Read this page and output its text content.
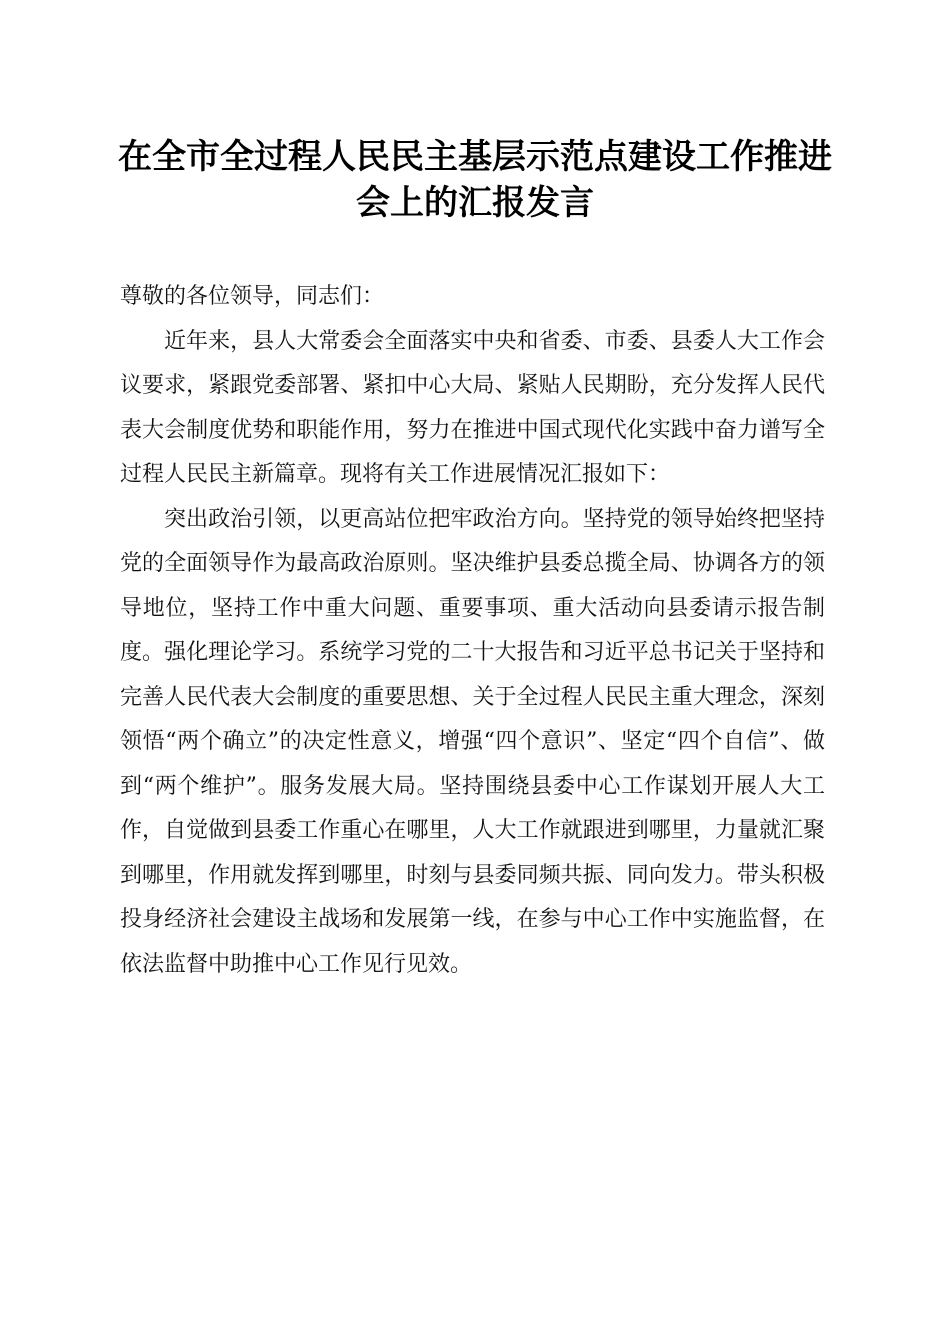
在全市全过程人民民主基层示范点建设工作推进会上的汇报发言

尊敬的各位领导，同志们：

近年来，县人大常委会全面落实中央和省委、市委、县委人大工作会议要求，紧跟党委部署、紧扣中心大局、紧贴人民期盼，充分发挥人民代表大会制度优势和职能作用，努力在推进中国式现代化实践中奋力谱写全过程人民民主新篇章。现将有关工作进展情况汇报如下：

突出政治引领，以更高站位把牢政治方向。坚持党的领导始终把坚持党的全面领导作为最高政治原则。坚决维护县委总揽全局、协调各方的领导地位，坚持工作中重大问题、重要事项、重大活动向县委请示报告制度。强化理论学习。系统学习党的二十大报告和习近平总书记关于坚持和完善人民代表大会制度的重要思想、关于全过程人民民主重大理念，深刻领悟“两个确立”的决定性意义，增强“四个意识”、坚定“四个自信”、做到“两个维护”。服务发展大局。坚持围绕县委中心工作谋划开展人大工作，自觉做到县委工作重心在哪里，人大工作就跟进到哪里，力量就汇聚到哪里，作用就发挥到哪里，时刻与县委同频共振、同向发力。带头积极投身经济社会建设主战场和发展第一线，在参与中心工作中实施监督，在依法监督中助推中心工作见行见效。
